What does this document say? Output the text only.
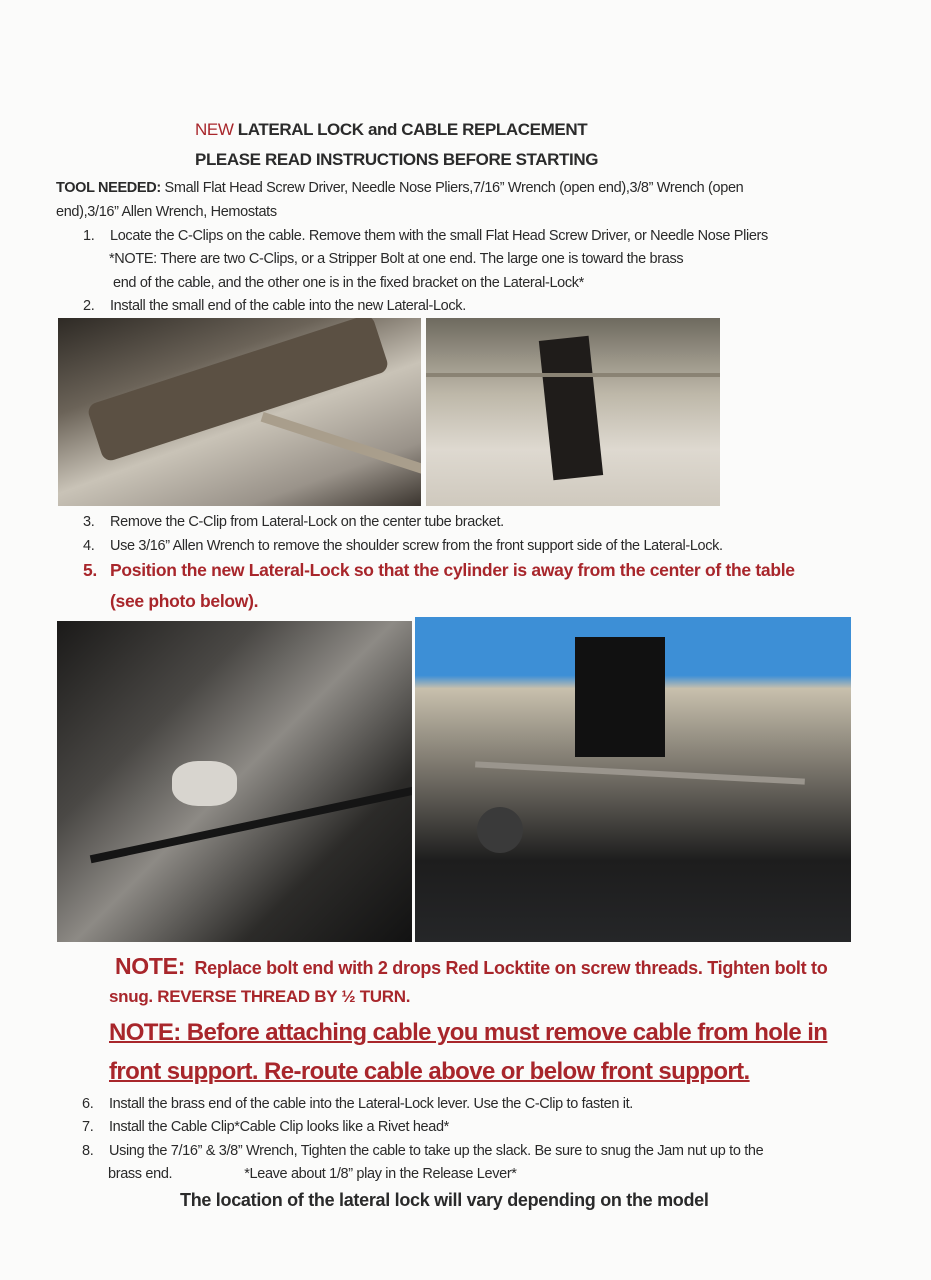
NEW LATERAL LOCK and CABLE REPLACEMENT
PLEASE READ INSTRUCTIONS BEFORE STARTING
TOOL NEEDED: Small Flat Head Screw Driver, Needle Nose Pliers,7/16” Wrench (open end),3/8” Wrench (open
end),3/16” Allen Wrench, Hemostats
1. Locate the C-Clips on the cable. Remove them with the small Flat Head Screw Driver, or Needle Nose Pliers
*NOTE: There are two C-Clips, or a Stripper Bolt at one end. The large one is toward the brass
end of the cable, and the other one is in the fixed bracket on the Lateral-Lock*
2. Install the small end of the cable into the new Lateral-Lock.
3. Remove the C-Clip from Lateral-Lock on the center tube bracket.
4. Use 3/16” Allen Wrench to remove the shoulder screw from the front support side of the Lateral-Lock.
5. Position the new Lateral-Lock so that the cylinder is away from the center of the table
(see photo below).
NOTE: Replace bolt end with 2 drops Red Locktite on screw threads. Tighten bolt to
snug. REVERSE THREAD BY ½ TURN.
NOTE: Before attaching cable you must remove cable from hole in
front support. Re-route cable above or below front support.
6. Install the brass end of the cable into the Lateral-Lock lever. Use the C-Clip to fasten it.
7. Install the Cable Clip*Cable Clip looks like a Rivet head*
8. Using the 7/16” & 3/8” Wrench, Tighten the cable to take up the slack. Be sure to snug the Jam nut up to the
brass end.	*Leave about 1/8” play in the Release Lever*
The location of the lateral lock will vary depending on the model
